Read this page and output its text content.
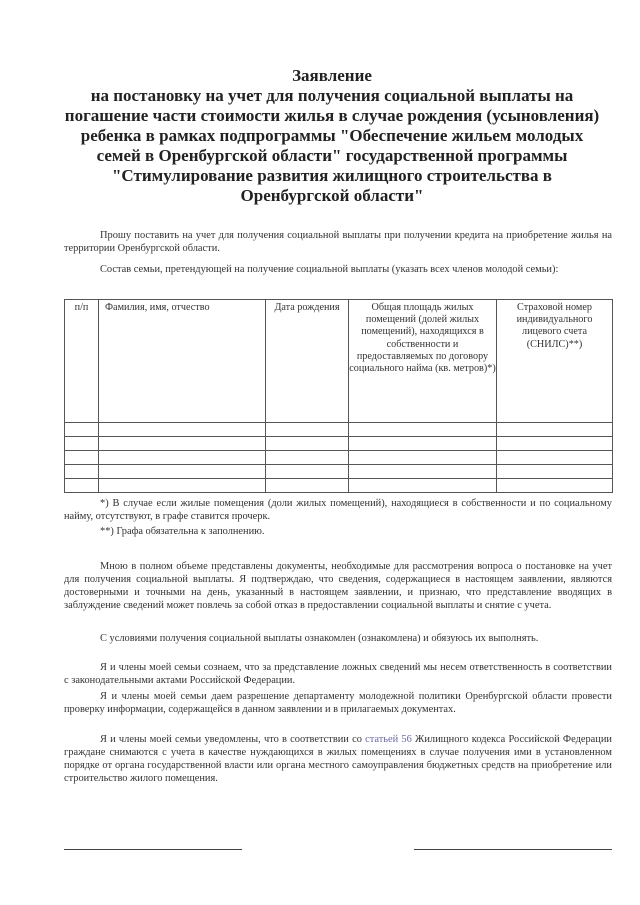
Заявление
на постановку на учет для получения социальной выплаты на
погашение части стоимости жилья в случае рождения (усыновления)
ребенка в рамках подпрограммы "Обеспечение жильем молодых
семей в Оренбургской области" государственной программы
"Стимулирование развития жилищного строительства в
Оренбургской области"
Прошу поставить на учет для получения социальной выплаты при получении кредита на приобретение жилья на территории Оренбургской области.
Состав семьи, претендующей на получение социальной выплаты (указать всех членов молодой семьи):
п/п	Фамилия, имя, отчество	Дата рождения	Общая площадь жилых помещений (долей жилых помещений), находящихся в собственности и предоставляемых по договору социального найма (кв. метров)*)	Страховой номер индивидуального лицевого счета (СНИЛС)**)

*) В случае если жилые помещения (доли жилых помещений), находящиеся в собственности и по социальному найму, отсутствуют, в графе ставится прочерк.
**) Графа обязательна к заполнению.
Мною в полном объеме представлены документы, необходимые для рассмотрения вопроса о постановке на учет для получения социальной выплаты. Я подтверждаю, что сведения, содержащиеся в настоящем заявлении, являются достоверными и точными на день, указанный в настоящем заявлении, и признаю, что представление вводящих в заблуждение сведений может повлечь за собой отказ в предоставлении социальной выплаты и снятие с учета.
С условиями получения социальной выплаты ознакомлен (ознакомлена) и обязуюсь их выполнять.
Я и члены моей семьи сознаем, что за представление ложных сведений мы несем ответственность в соответствии с законодательными актами Российской Федерации.
Я и члены моей семьи даем разрешение департаменту молодежной политики Оренбургской области провести проверку информации, содержащейся в данном заявлении и в прилагаемых документах.
Я и члены моей семьи уведомлены, что в соответствии со статьей 56 Жилищного кодекса Российской Федерации граждане снимаются с учета в качестве нуждающихся в жилых помещениях в случае получения ими в установленном порядке от органа государственной власти или органа местного самоуправления бюджетных средств на приобретение или строительство жилого помещения.
